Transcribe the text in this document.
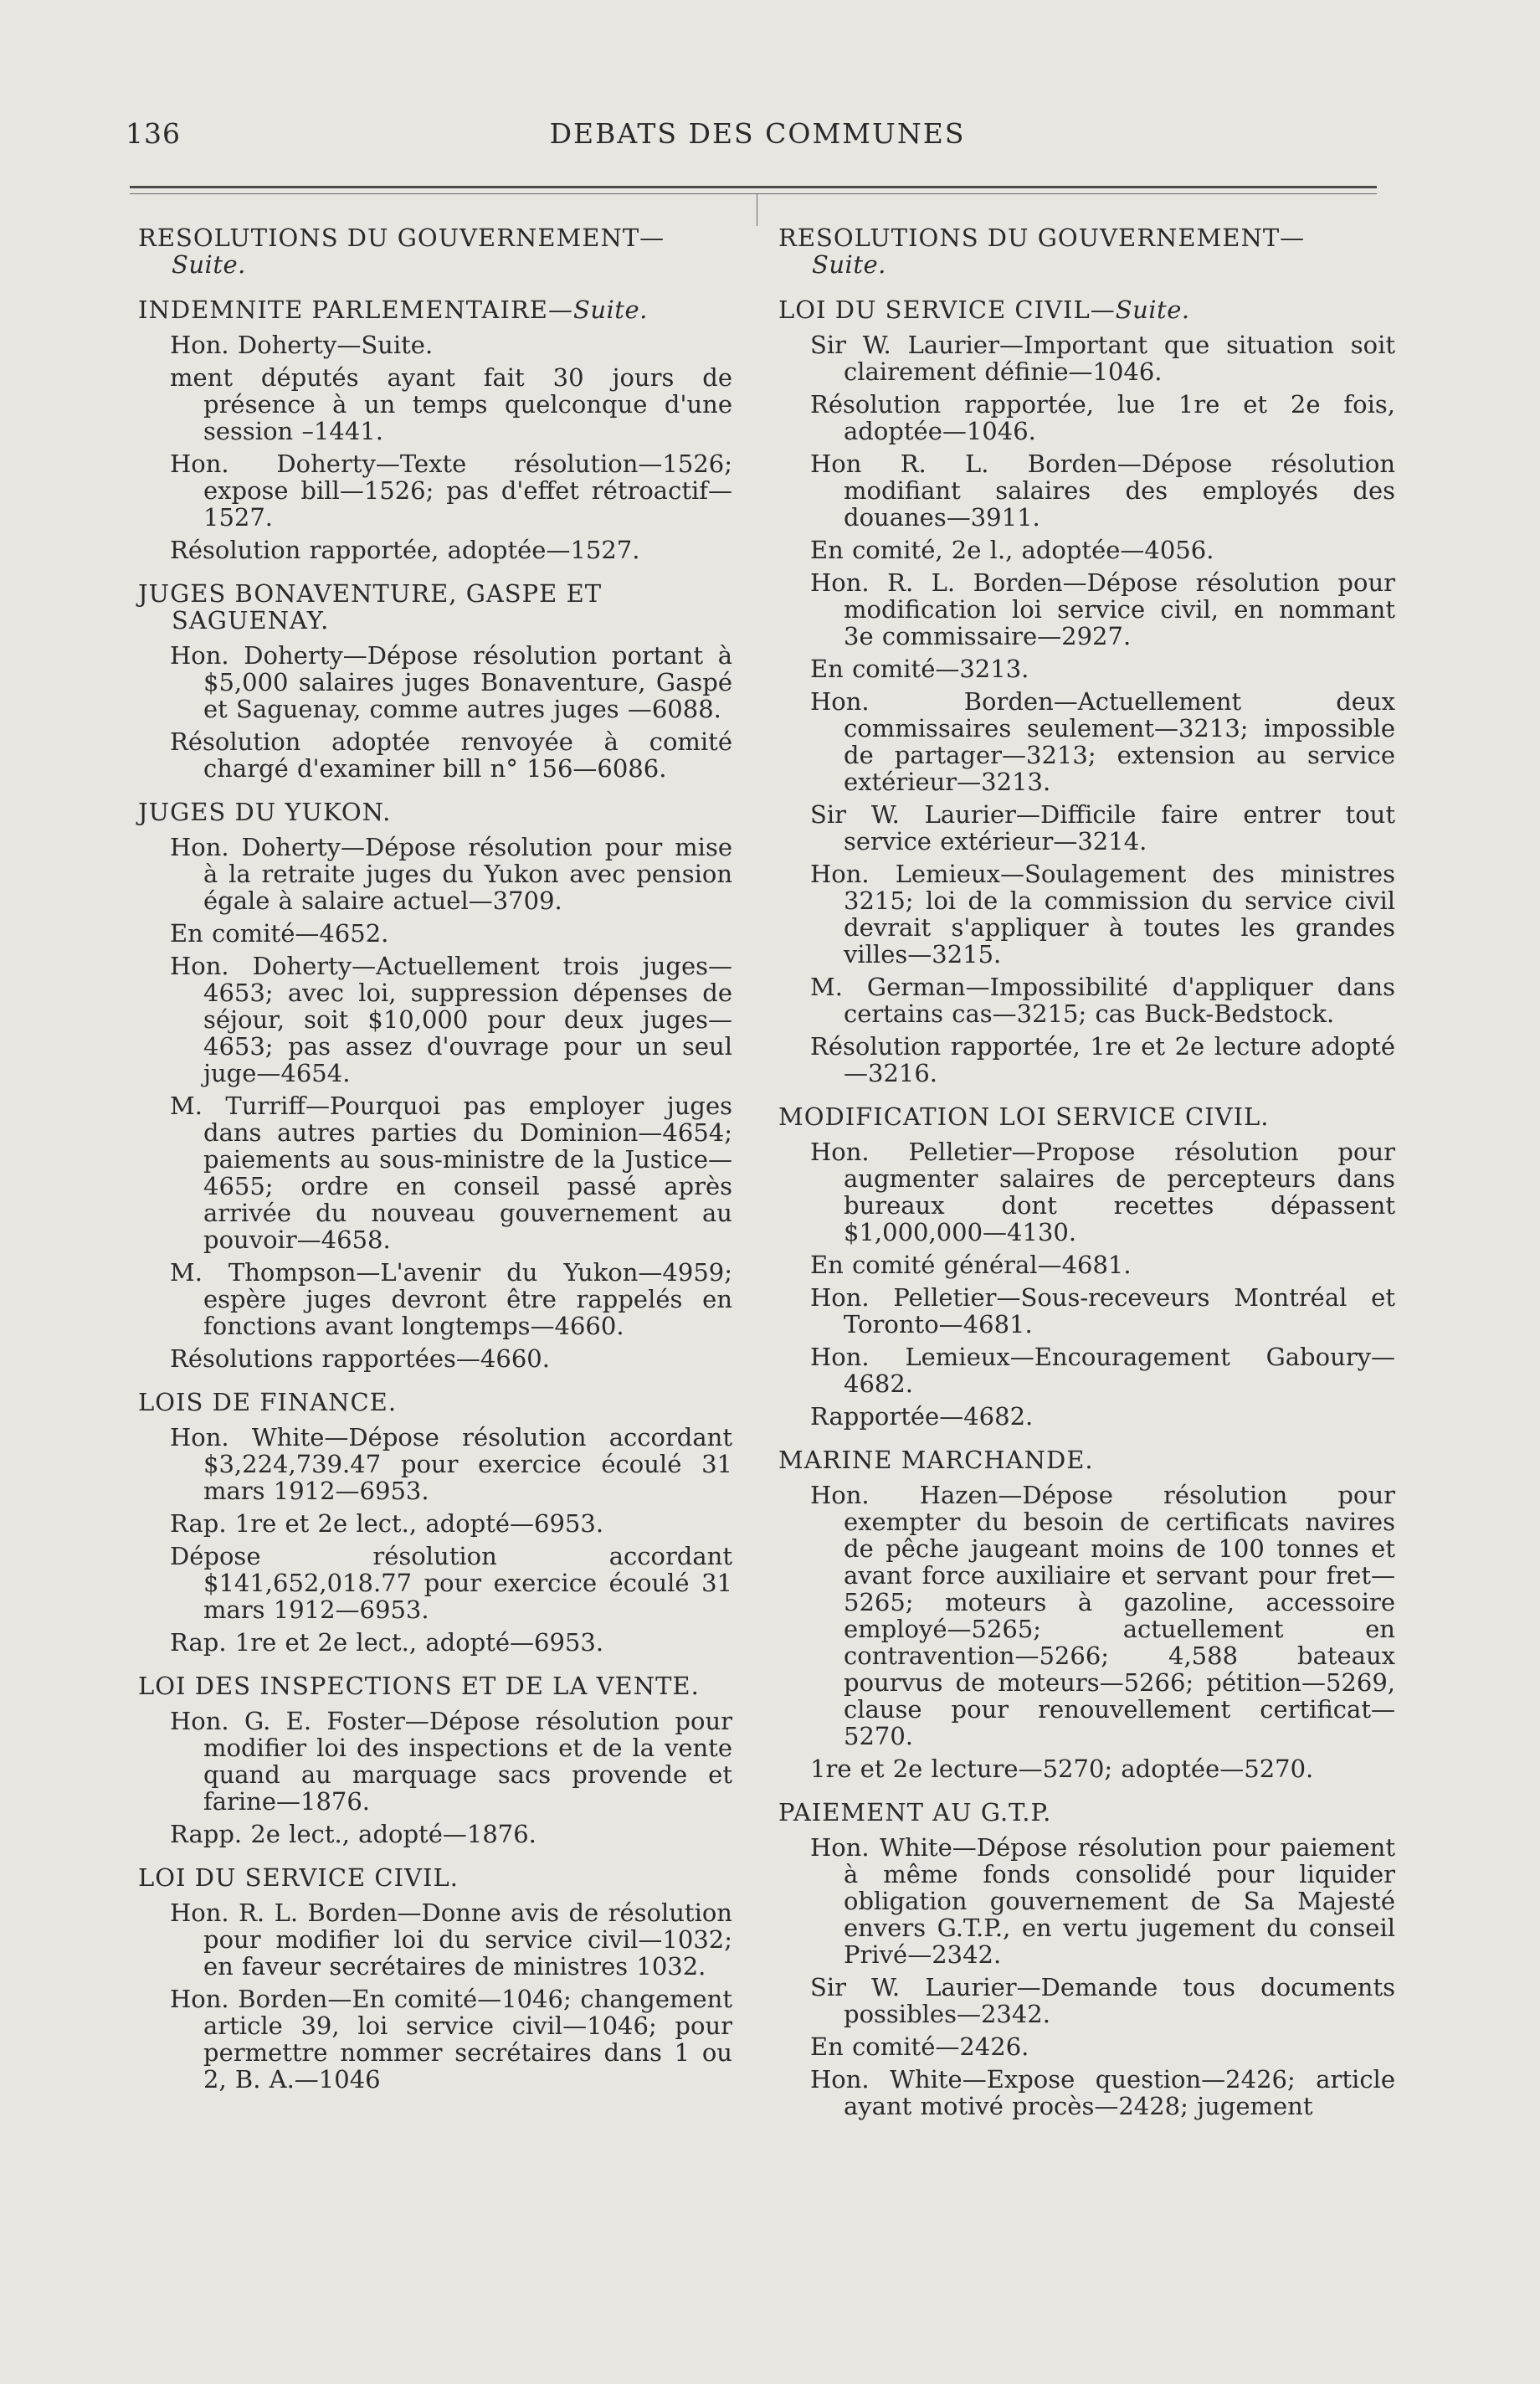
136	DEBATS DES COMMUNES
RESOLUTIONS DU GOUVERNEMENT—
Suite.
INDEMNITE PARLEMENTAIRE—Suite.
Hon. Doherty—Suite.
ment députés ayant fait 30 jours de présence à un temps quelconque d'une session –1441.
Hon. Doherty—Texte résolution—1526; expose bill—1526; pas d'effet rétroactif—1527.
Résolution rapportée, adoptée—1527.
JUGES BONAVENTURE, GASPE ET SAGUENAY.
Hon. Doherty—Dépose résolution portant à $5,000 salaires juges Bonaventure, Gaspé et Saguenay, comme autres juges —6088.
Résolution adoptée renvoyée à comité chargé d'examiner bill n° 156—6086.
JUGES DU YUKON.
Hon. Doherty—Dépose résolution pour mise à la retraite juges du Yukon avec pension égale à salaire actuel—3709.
En comité—4652.
Hon. Doherty—Actuellement trois juges—4653; avec loi, suppression dépenses de séjour, soit $10,000 pour deux juges—4653; pas assez d'ouvrage pour un seul juge—4654.
M. Turriff—Pourquoi pas employer juges dans autres parties du Dominion—4654; paiements au sous-ministre de la Justice—4655; ordre en conseil passé après arrivée du nouveau gouvernement au pouvoir—4658.
M. Thompson—L'avenir du Yukon—4959; espère juges devront être rappelés en fonctions avant longtemps—4660.
Résolutions rapportées—4660.
LOIS DE FINANCE.
Hon. White—Dépose résolution accordant $3,224,739.47 pour exercice écoulé 31 mars 1912—6953.
Rap. 1re et 2e lect., adopté—6953.
Dépose résolution accordant $141,652,018.77 pour exercice écoulé 31 mars 1912—6953.
Rap. 1re et 2e lect., adopté—6953.
LOI DES INSPECTIONS ET DE LA VENTE.
Hon. G. E. Foster—Dépose résolution pour modifier loi des inspections et de la vente quand au marquage sacs provende et farine—1876.
Rapp. 2e lect., adopté—1876.
LOI DU SERVICE CIVIL.
Hon. R. L. Borden—Donne avis de résolution pour modifier loi du service civil—1032; en faveur secrétaires de ministres 1032.
Hon. Borden—En comité—1046; changement article 39, loi service civil—1046; pour permettre nommer secrétaires dans 1 ou 2, B. A.—1046
RESOLUTIONS DU GOUVERNEMENT—
Suite.
LOI DU SERVICE CIVIL—Suite.
Sir W. Laurier—Important que situation soit clairement définie—1046.
Résolution rapportée, lue 1re et 2e fois, adoptée—1046.
Hon R. L. Borden—Dépose résolution modifiant salaires des employés des douanes—3911.
En comité, 2e l., adoptée—4056.
Hon. R. L. Borden—Dépose résolution pour modification loi service civil, en nommant 3e commissaire—2927.
En comité—3213.
Hon. Borden—Actuellement deux commissaires seulement—3213; impossible de partager—3213; extension au service extérieur—3213.
Sir W. Laurier—Difficile faire entrer tout service extérieur—3214.
Hon. Lemieux—Soulagement des ministres 3215; loi de la commission du service civil devrait s'appliquer à toutes les grandes villes—3215.
M. German—Impossibilité d'appliquer dans certains cas—3215; cas Buck-Bedstock.
Résolution rapportée, 1re et 2e lecture adopté—3216.
MODIFICATION LOI SERVICE CIVIL.
Hon. Pelletier—Propose résolution pour augmenter salaires de percepteurs dans bureaux dont recettes dépassent $1,000,000—4130.
En comité général—4681.
Hon. Pelletier—Sous-receveurs Montréal et Toronto—4681.
Hon. Lemieux—Encouragement Gaboury—4682.
Rapportée—4682.
MARINE MARCHANDE.
Hon. Hazen—Dépose résolution pour exempter du besoin de certificats navires de pêche jaugeant moins de 100 tonnes et avant force auxiliaire et servant pour fret—5265; moteurs à gazoline, accessoire employé—5265; actuellement en contravention—5266; 4,588 bateaux pourvus de moteurs—5266; pétition—5269, clause pour renouvellement certificat—5270.
1re et 2e lecture—5270; adoptée—5270.
PAIEMENT AU G.T.P.
Hon. White—Dépose résolution pour paiement à même fonds consolidé pour liquider obligation gouvernement de Sa Majesté envers G.T.P., en vertu jugement du conseil Privé—2342.
Sir W. Laurier—Demande tous documents possibles—2342.
En comité—2426.
Hon. White—Expose question—2426; article ayant motivé procès—2428; jugement
